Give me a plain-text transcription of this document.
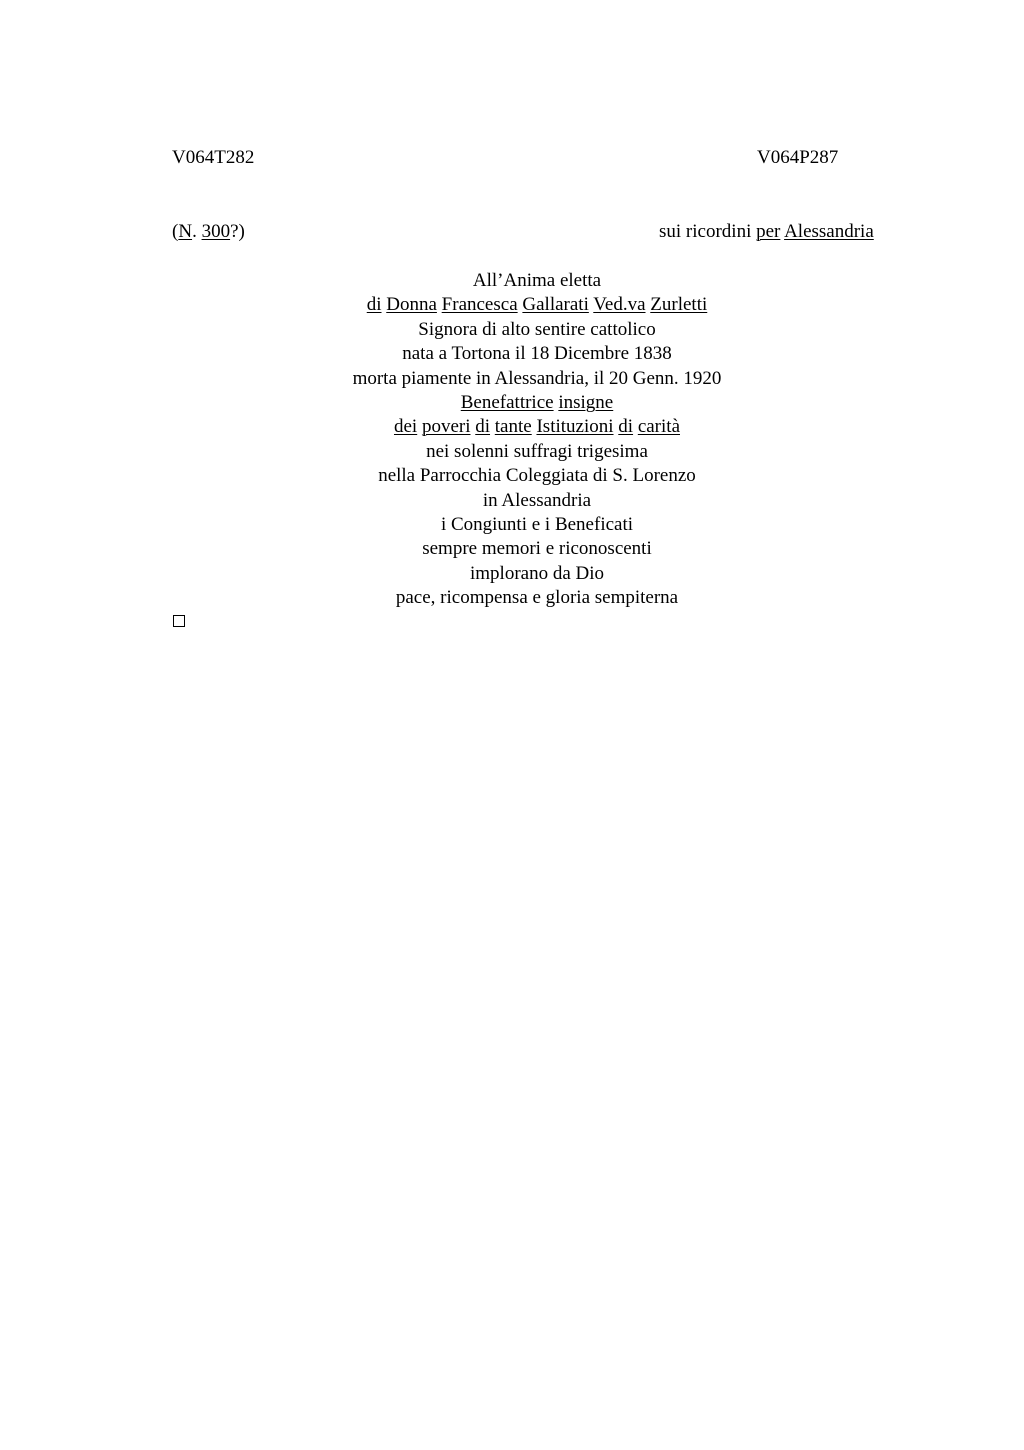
V064T282	V064P287
(N. 300?)	sui ricordini per Alessandria
All’Anima eletta
di Donna Francesca Gallarati Ved.va Zurletti
Signora di alto sentire cattolico
nata a Tortona il 18 Dicembre 1838
morta piamente in Alessandria, il 20 Genn. 1920
Benefattrice insigne
dei poveri di tante Istituzioni di carità
nei solenni suffragi trigesima
nella Parrocchia Coleggiata di S. Lorenzo
in Alessandria
i Congiunti e i Beneficati
sempre memori e riconoscenti
implorano da Dio
pace, ricompensa e gloria sempiterna
